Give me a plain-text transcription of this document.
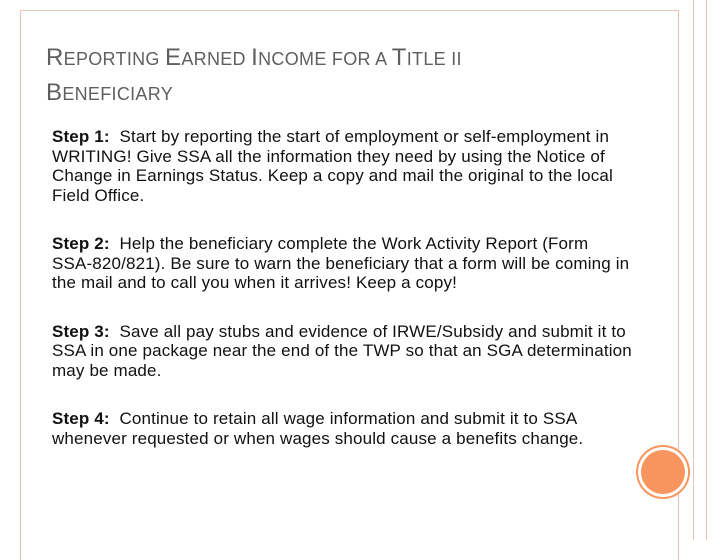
REPORTING EARNED INCOME FOR A TITLE II
BENEFICIARY
Step 1: Start by reporting the start of employment or self-employment in WRITING! Give SSA all the information they need by using the Notice of Change in Earnings Status. Keep a copy and mail the original to the local Field Office.
Step 2: Help the beneficiary complete the Work Activity Report (Form SSA-820/821). Be sure to warn the beneficiary that a form will be coming in the mail and to call you when it arrives! Keep a copy!
Step 3: Save all pay stubs and evidence of IRWE/Subsidy and submit it to SSA in one package near the end of the TWP so that an SGA determination may be made.
Step 4: Continue to retain all wage information and submit it to SSA whenever requested or when wages should cause a benefits change.
